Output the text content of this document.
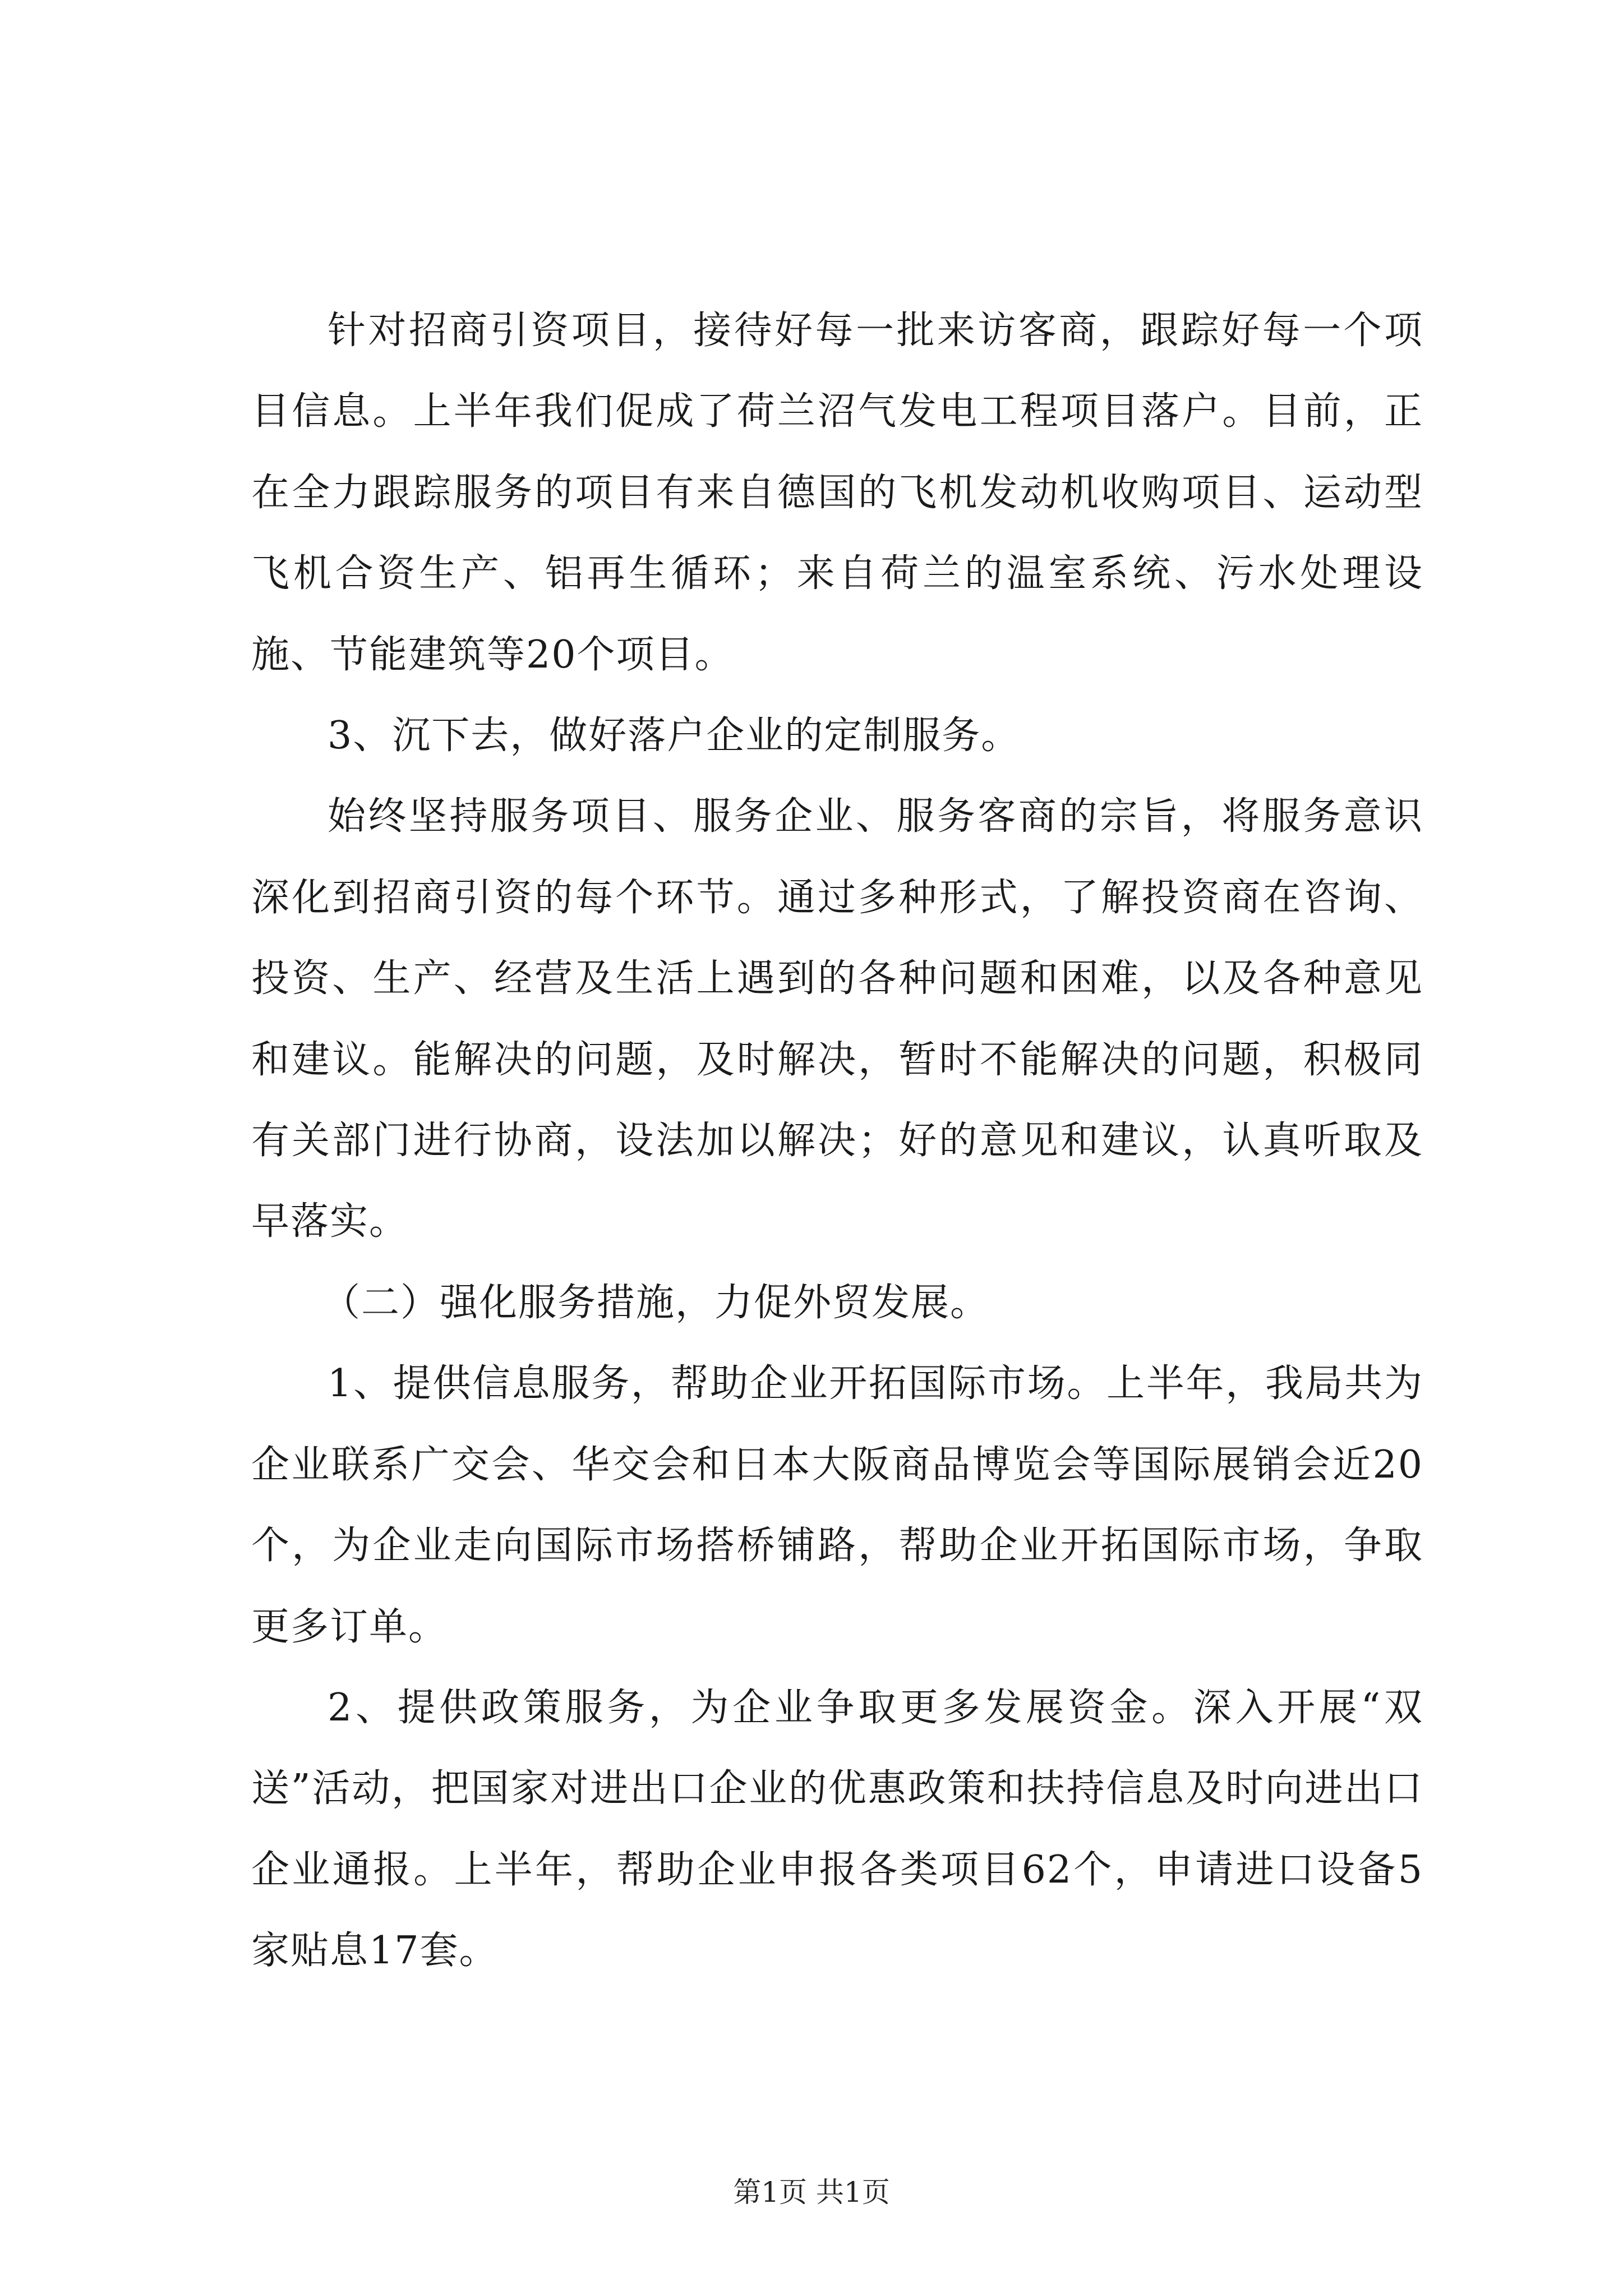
针对招商引资项目，接待好每一批来访客商，跟踪好每一个项目信息。上半年我们促成了荷兰沼气发电工程项目落户。目前，正在全力跟踪服务的项目有来自德国的飞机发动机收购项目、运动型飞机合资生产、铝再生循环；来自荷兰的温室系统、污水处理设施、节能建筑等20个项目。

3、沉下去，做好落户企业的定制服务。

始终坚持服务项目、服务企业、服务客商的宗旨，将服务意识深化到招商引资的每个环节。通过多种形式，了解投资商在咨询、投资、生产、经营及生活上遇到的各种问题和困难，以及各种意见和建议。能解决的问题，及时解决，暂时不能解决的问题，积极同有关部门进行协商，设法加以解决；好的意见和建议，认真听取及早落实。

（二）强化服务措施，力促外贸发展。

1、提供信息服务，帮助企业开拓国际市场。上半年，我局共为企业联系广交会、华交会和日本大阪商品博览会等国际展销会近20个，为企业走向国际市场搭桥铺路，帮助企业开拓国际市场，争取更多订单。

2、提供政策服务，为企业争取更多发展资金。深入开展“双送”活动，把国家对进出口企业的优惠政策和扶持信息及时向进出口企业通报。上半年，帮助企业申报各类项目62个，申请进口设备5家贴息17套。

第1页 共1页
